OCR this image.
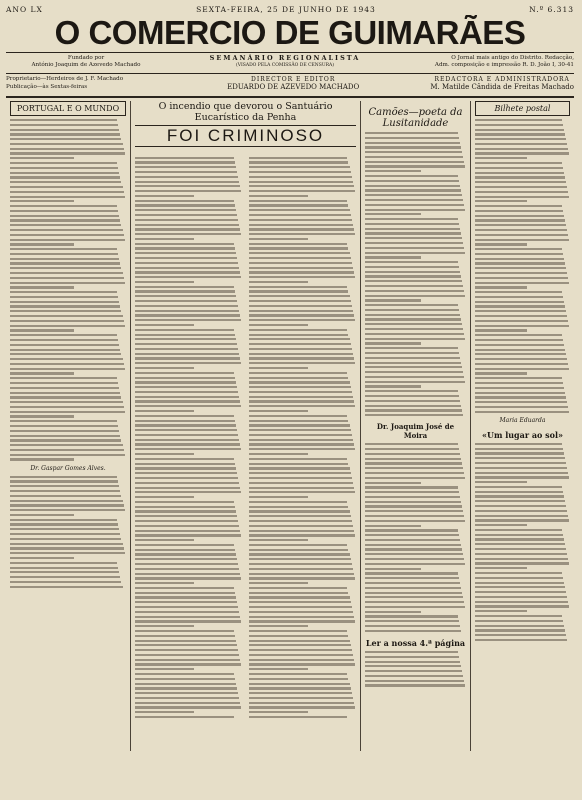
ANO LX	SEXTA-FEIRA, 25 DE JUNHO DE 1943	N.º 6.313
O COMERCIO DE GUIMARÃES
Fundado por
António Joaquim de Azevedo Machado
SEMANÁRIO REGIONALISTA
(VISADO PELA COMISSÃO DE CENSURA)
O Jornal mais antigo do Distrito. Redacção,
Adm. composição e impressão R. D. João I, 30-41
Proprietario—Herdeiros de J. F. Machado
Publicação—às Sextas-feiras
DIRECTOR E EDITOR
EDUARDO DE AZEVEDO MACHADO
REDACTORA E ADMINISTRADORA
M. Matilde Cândida de Freitas Machado
PORTUGAL E O MUNDO
Dr. Gaspar Gomes Alves.
O incendio que devorou o Santuário Eucarístico da Penha
FOI CRIMINOSO
Camões—poeta da Lusitanidade
Dr. Joaquim José de Moira
Ler a nossa 4.ª página
Bilhete postal
Maria Eduarda
«Um lugar ao sol»
